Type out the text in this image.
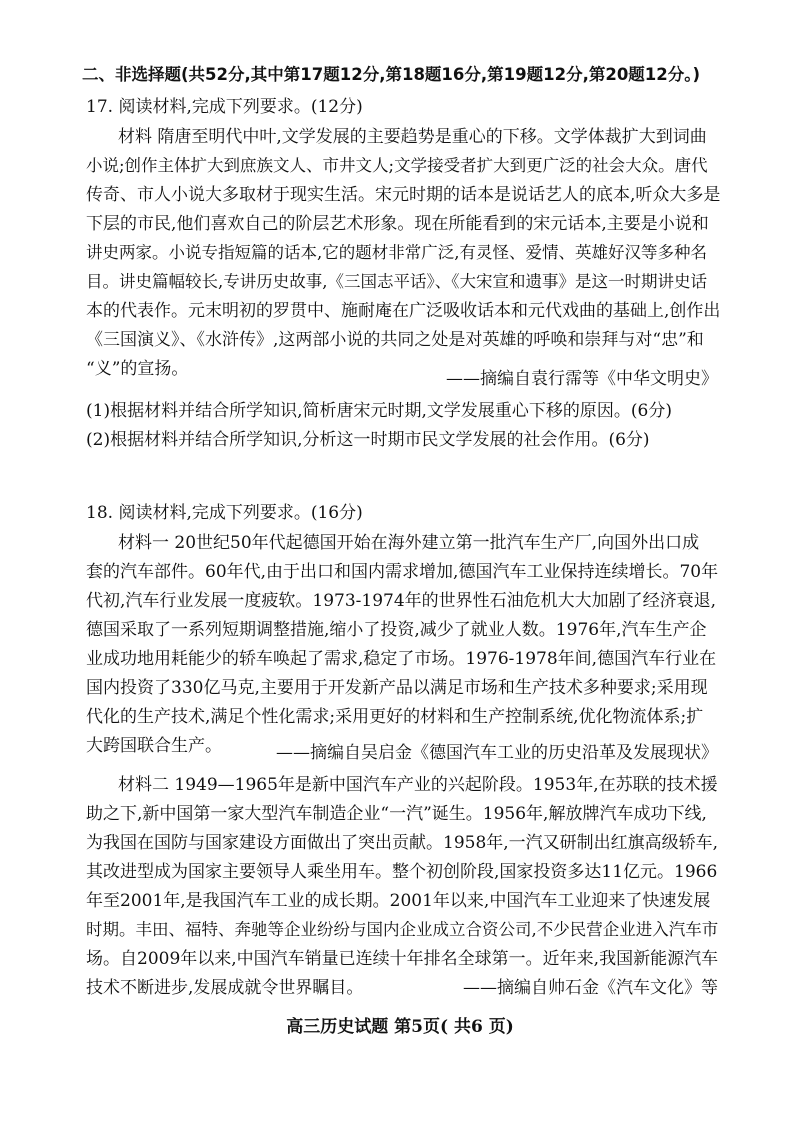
二、非选择题(共52分,其中第17题12分,第18题16分,第19题12分,第20题12分。)
17. 阅读材料,完成下列要求。(12分)
材料 隋唐至明代中叶,文学发展的主要趋势是重心的下移。文学体裁扩大到词曲
小说;创作主体扩大到庶族文人、市井文人;文学接受者扩大到更广泛的社会大众。唐代
传奇、市人小说大多取材于现实生活。宋元时期的话本是说话艺人的底本,听众大多是
下层的市民,他们喜欢自己的阶层艺术形象。现在所能看到的宋元话本,主要是小说和
讲史两家。小说专指短篇的话本,它的题材非常广泛,有灵怪、爱情、英雄好汉等多种名
目。讲史篇幅较长,专讲历史故事,《三国志平话》、《大宋宣和遗事》是这一时期讲史话
本的代表作。元末明初的罗贯中、施耐庵在广泛吸收话本和元代戏曲的基础上,创作出
《三国演义》、《水浒传》,这两部小说的共同之处是对英雄的呼唤和崇拜与对“忠”和
“义”的宣扬。	——摘编自袁行霈等《中华文明史》
(1)根据材料并结合所学知识,简析唐宋元时期,文学发展重心下移的原因。(6分)
(2)根据材料并结合所学知识,分析这一时期市民文学发展的社会作用。(6分)
18. 阅读材料,完成下列要求。(16分)
材料一 20世纪50年代起德国开始在海外建立第一批汽车生产厂,向国外出口成
套的汽车部件。60年代,由于出口和国内需求增加,德国汽车工业保持连续增长。70年
代初,汽车行业发展一度疲软。1973-1974年的世界性石油危机大大加剧了经济衰退,
德国采取了一系列短期调整措施,缩小了投资,减少了就业人数。1976年,汽车生产企
业成功地用耗能少的轿车唤起了需求,稳定了市场。1976-1978年间,德国汽车行业在
国内投资了330亿马克,主要用于开发新产品以满足市场和生产技术多种要求;采用现
代化的生产技术,满足个性化需求;采用更好的材料和生产控制系统,优化物流体系;扩
大跨国联合生产。	——摘编自吴启金《德国汽车工业的历史沿革及发展现状》
材料二 1949—1965年是新中国汽车产业的兴起阶段。1953年,在苏联的技术援
助之下,新中国第一家大型汽车制造企业“一汽”诞生。1956年,解放牌汽车成功下线,
为我国在国防与国家建设方面做出了突出贡献。1958年,一汽又研制出红旗高级轿车,
其改进型成为国家主要领导人乘坐用车。整个初创阶段,国家投资多达11亿元。1966
年至2001年,是我国汽车工业的成长期。2001年以来,中国汽车工业迎来了快速发展
时期。丰田、福特、奔驰等企业纷纷与国内企业成立合资公司,不少民营企业进入汽车市
场。自2009年以来,中国汽车销量已连续十年排名全球第一。近年来,我国新能源汽车
技术不断进步,发展成就令世界瞩目。	——摘编自帅石金《汽车文化》等
高三历史试题 第5页( 共6 页)
